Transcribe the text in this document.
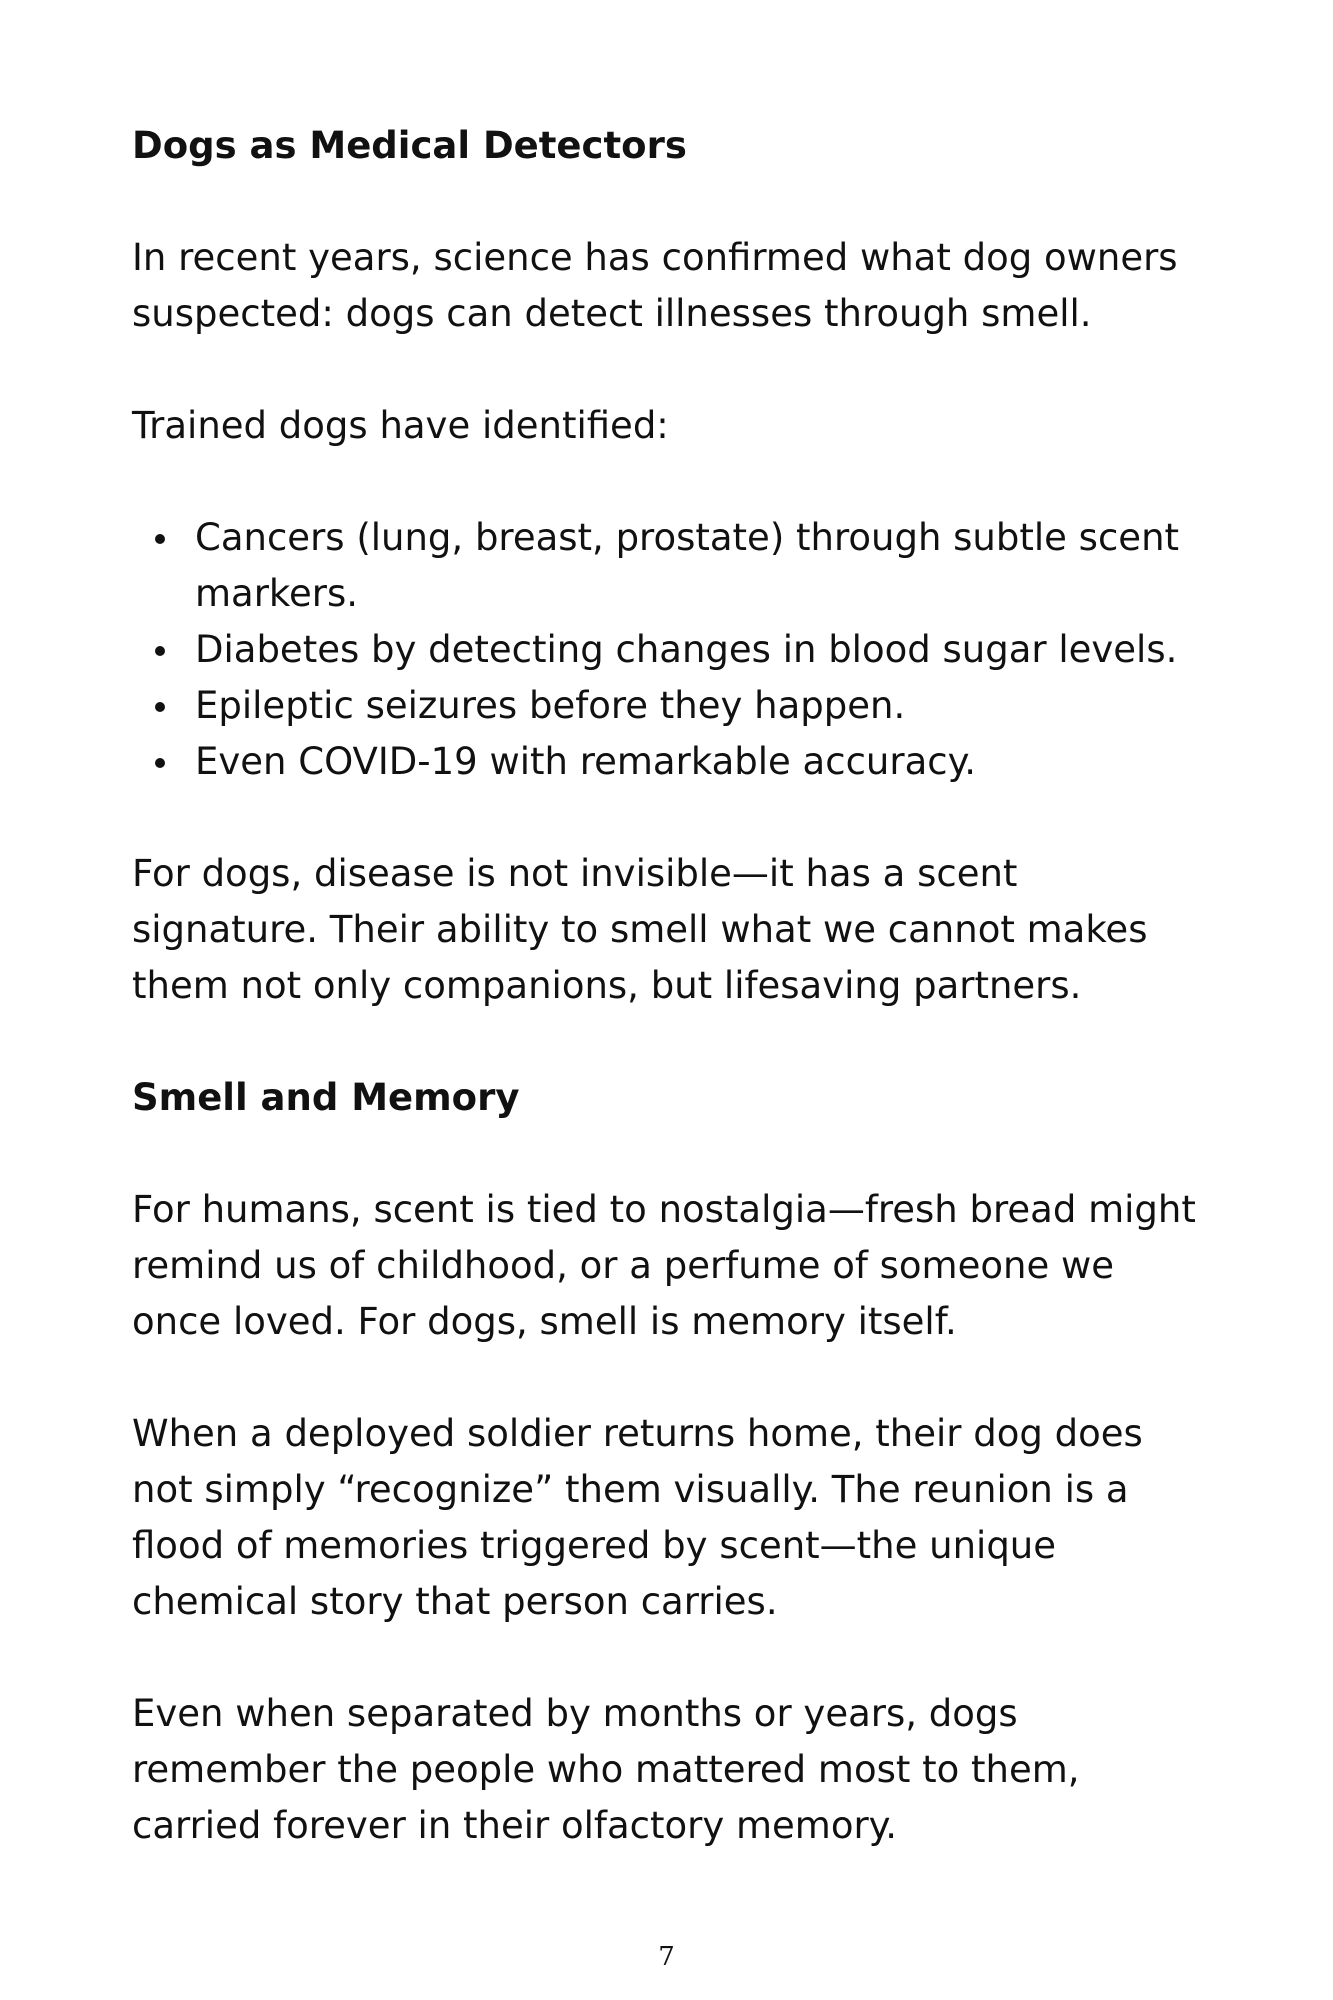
Dogs as Medical Detectors

In recent years, science has confirmed what dog owners suspected: dogs can detect illnesses through smell.

Trained dogs have identified:

Cancers (lung, breast, prostate) through subtle scent markers.
Diabetes by detecting changes in blood sugar levels.
Epileptic seizures before they happen.
Even COVID-19 with remarkable accuracy.

For dogs, disease is not invisible—it has a scent signature. Their ability to smell what we cannot makes them not only companions, but lifesaving partners.

Smell and Memory

For humans, scent is tied to nostalgia—fresh bread might remind us of childhood, or a perfume of someone we once loved. For dogs, smell is memory itself.

When a deployed soldier returns home, their dog does not simply “recognize” them visually. The reunion is a flood of memories triggered by scent—the unique chemical story that person carries.

Even when separated by months or years, dogs remember the people who mattered most to them, carried forever in their olfactory memory.

7
